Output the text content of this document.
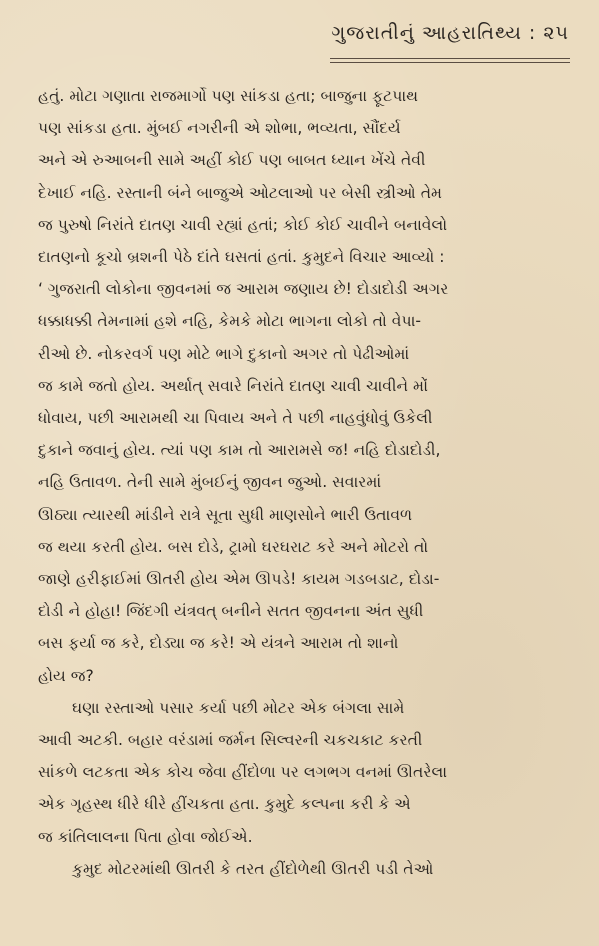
ગુજરાતીનું આહરાતિથ્ય : ૨૫

હતું. મોટા ગણાતા રાજમાર્ગો પણ સાંકડા હતા; બાજુના ફૂટપાથ
પણ સાંકડા હતા. મુંબઈ નગરીની એ શોભા, ભવ્યતા, સૌંદર્ય
અને એ રુઆબની સામે અહીં કોઈ પણ બાબત ધ્યાન ખેંચે તેવી
દેખાઈ નહિ. રસ્તાની બંને બાજુએ ઓટલાઓ પર બેસી સ્ત્રીઓ તેમ
જ પુરુષો નિરાંતે દાતણ ચાવી રહ્યાં હતાં; કોઈ કોઈ ચાવીને બનાવેલો
દાતણનો કૂચો બ્રશની પેઠે દાંતે ઘસતાં હતાં. કુમુદને વિચાર આવ્યો :
‘ ગુજરાતી લોકોના જીવનમાં જ આરામ જણાય છે! દોડાદોડી અગર
ધક્કાધક્કી તેમનામાં હશે નહિ, કેમકે મોટા ભાગના લોકો તો વેપા-
રીઓ છે. નોકરવર્ગ પણ મોટે ભાગે દુકાનો અગર તો પેઢીઓમાં
જ કામે જતો હોય. અર્થાત્ સવારે નિરાંતે દાતણ ચાવી ચાવીને મોં
ધોવાય, પછી આરામથી ચા પિવાય અને તે પછી નાહવુંધોવું ઉકેલી
દુકાને જવાનું હોય. ત્યાં પણ કામ તો આરામસે જ! નહિ દોડાદોડી,
નહિ ઉતાવળ. તેની સામે મુંબઈનું જીવન જુઓ. સવારમાં
ઊઠ્યા ત્યારથી માંડીને રાત્રે સૂતા સુધી માણસોને ભારી ઉતાવળ
જ થયા કરતી હોય. બસ દોડે, ટ્રામો ઘરઘરાટ કરે અને મોટરો તો
જાણે હરીફાઈમાં ઊતરી હોય એમ ઊપડે! કાયમ ગડબડાટ, દોડા-
દોડી ને હોહા! જિંદગી યંત્રવત્ બનીને સતત જીવનના અંત સુધી
બસ ફર્યા જ કરે, દોડ્યા જ કરે! એ યંત્રને આરામ તો શાનો
હોય જ?

ઘણા રસ્તાઓ પસાર કર્યા પછી મોટર એક બંગલા સામે
આવી અટકી. બહાર વરંડામાં જર્મન સિલ્વરની ચકચકાટ કરતી
સાંકળે લટકતા એક કોચ જેવા હીંદોળા પર લગભગ વનમાં ઊતરેલા
એક ગૃહસ્થ ધીરે ધીરે હીંચકતા હતા. કુમુદે કલ્પના કરી કે એ
જ કાંતિલાલના પિતા હોવા જોઈએ.

કુમુદ મોટરમાંથી ઊતરી કે તરત હીંદોળેથી ઊતરી પડી તેઓ
